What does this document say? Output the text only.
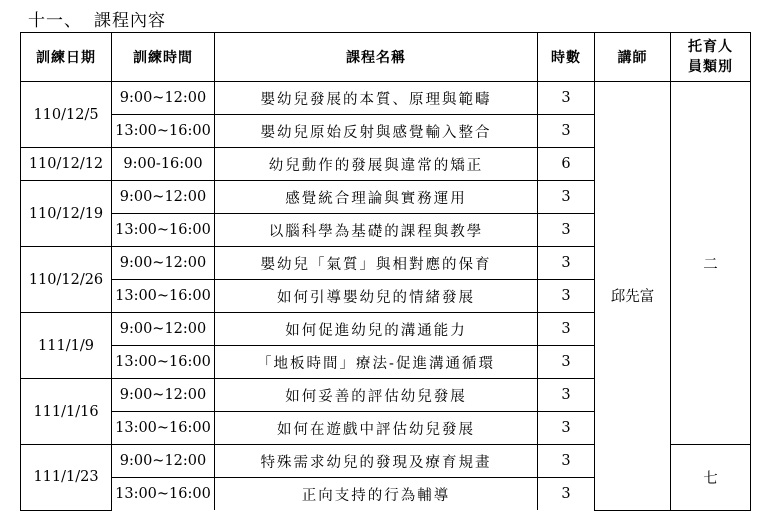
十一、 課程內容
訓練日期	訓練時間	課程名稱	時數	講師	托育人
員類別

110/12/5	9:00~12:00	嬰幼兒發展的本質、原理與範疇	3	邱先富	二
	13:00~16:00	嬰幼兒原始反射與感覺輸入整合	3		
110/12/12	9:00-16:00	幼兒動作的發展與違常的矯正	6		
110/12/19	9:00~12:00	感覺統合理論與實務運用	3		
	13:00~16:00	以腦科學為基礎的課程與教學	3		
110/12/26	9:00~12:00	嬰幼兒「氣質」與相對應的保育	3		
	13:00~16:00	如何引導嬰幼兒的情緒發展	3		
111/1/9	9:00~12:00	如何促進幼兒的溝通能力	3		
	13:00~16:00	「地板時間」療法-促進溝通循環	3		
111/1/16	9:00~12:00	如何妥善的評估幼兒發展	3		
	13:00~16:00	如何在遊戲中評估幼兒發展	3		
111/1/23	9:00~12:00	特殊需求幼兒的發現及療育規畫	3		七
	13:00~16:00	正向支持的行為輔導	3		
